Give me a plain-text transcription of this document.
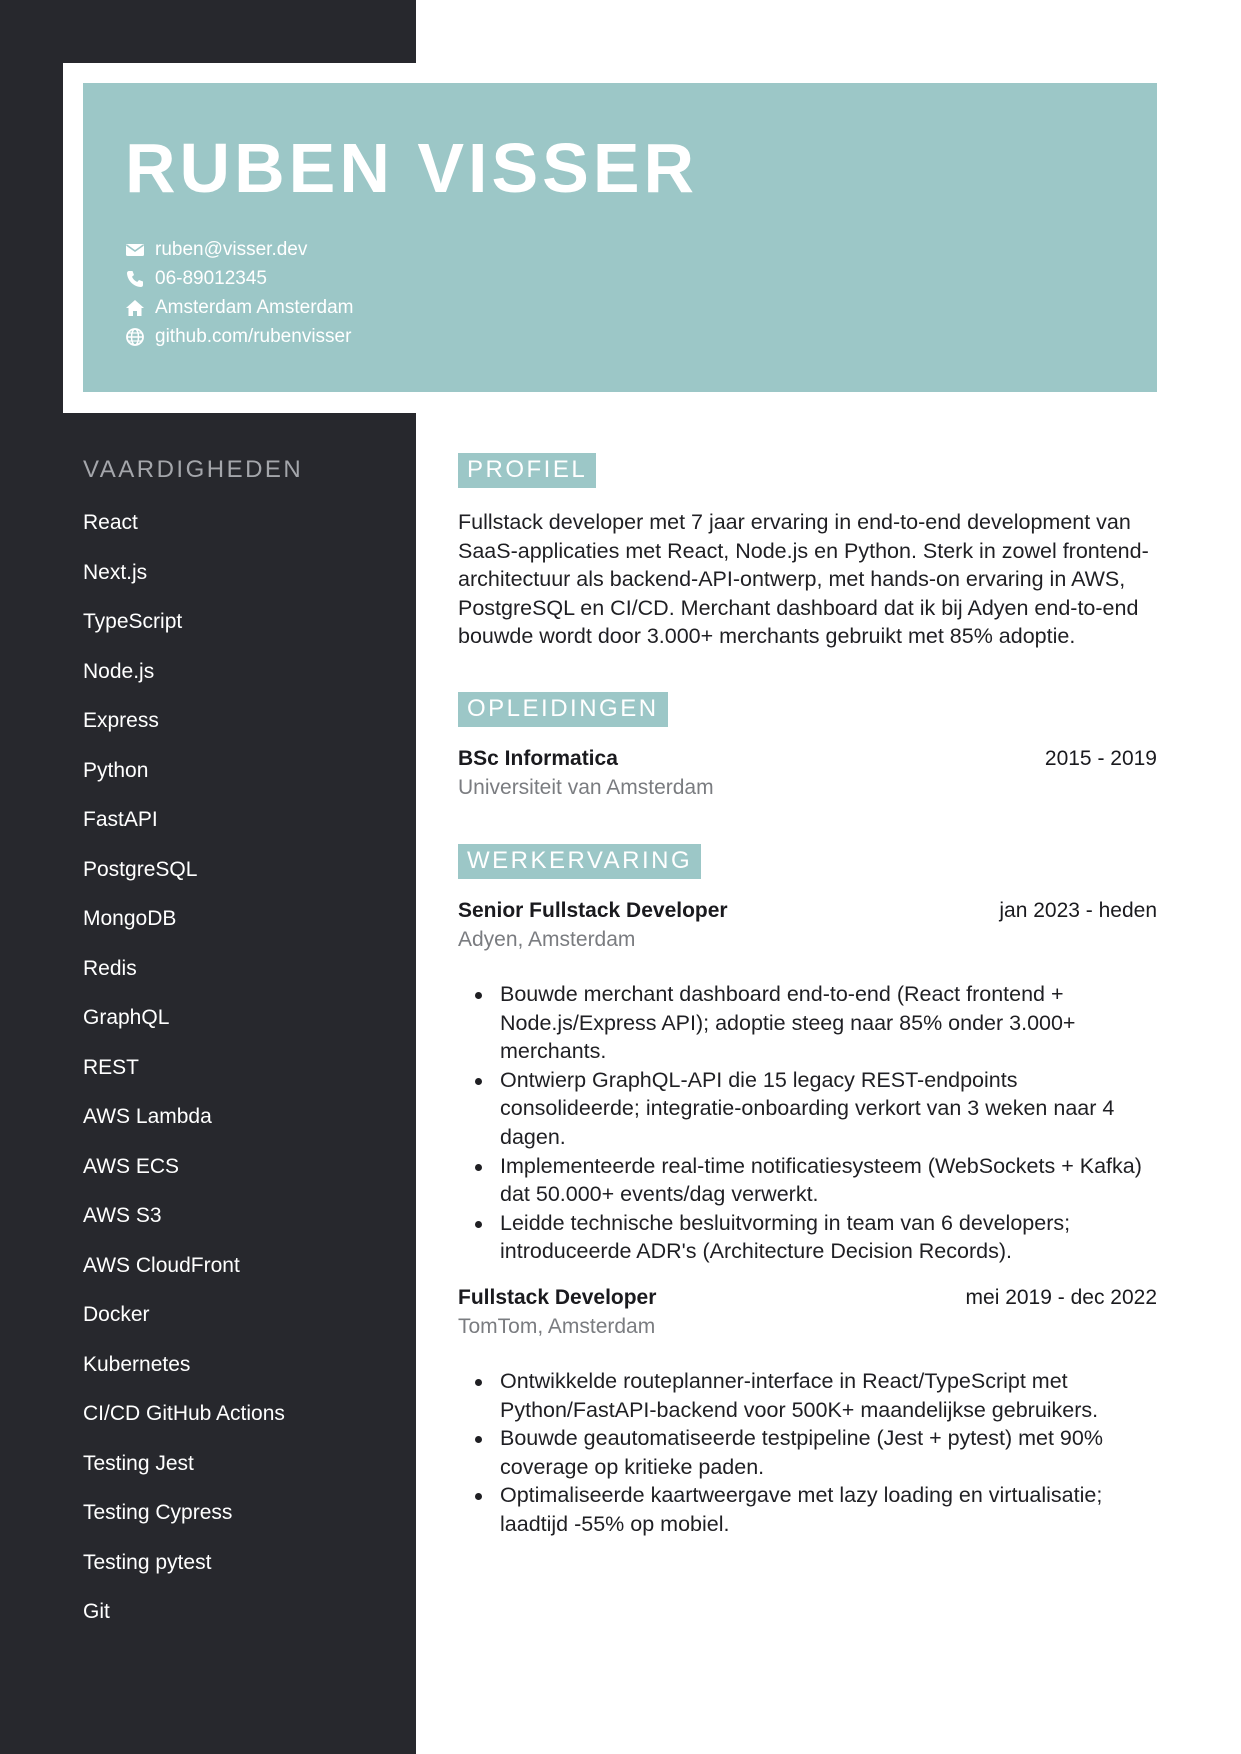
RUBEN VISSER
ruben@visser.dev
06-89012345
Amsterdam Amsterdam
github.com/rubenvisser
VAARDIGHEDEN
React
Next.js
TypeScript
Node.js
Express
Python
FastAPI
PostgreSQL
MongoDB
Redis
GraphQL
REST
AWS Lambda
AWS ECS
AWS S3
AWS CloudFront
Docker
Kubernetes
CI/CD GitHub Actions
Testing Jest
Testing Cypress
Testing pytest
Git
PROFIEL

Fullstack developer met 7 jaar ervaring in end-to-end development van SaaS-applicaties met React, Node.js en Python. Sterk in zowel frontend-architectuur als backend-API-ontwerp, met hands-on ervaring in AWS, PostgreSQL en CI/CD. Merchant dashboard dat ik bij Adyen end-to-end bouwde wordt door 3.000+ merchants gebruikt met 85% adoptie.

OPLEIDINGEN
BSc Informatica	2015 - 2019
Universiteit van Amsterdam
WERKERVARING
Senior Fullstack Developer	jan 2023 - heden
Adyen, Amsterdam
Bouwde merchant dashboard end-to-end (React frontend + Node.js/Express API); adoptie steeg naar 85% onder 3.000+ merchants.
Ontwierp GraphQL-API die 15 legacy REST-endpoints consolideerde; integratie-onboarding verkort van 3 weken naar 4 dagen.
Implementeerde real-time notificatiesysteem (WebSockets + Kafka) dat 50.000+ events/dag verwerkt.
Leidde technische besluitvorming in team van 6 developers; introduceerde ADR's (Architecture Decision Records).
Fullstack Developer	mei 2019 - dec 2022
TomTom, Amsterdam
Ontwikkelde routeplanner-interface in React/TypeScript met Python/FastAPI-backend voor 500K+ maandelijkse gebruikers.
Bouwde geautomatiseerde testpipeline (Jest + pytest) met 90% coverage op kritieke paden.
Optimaliseerde kaartweergave met lazy loading en virtualisatie; laadtijd -55% op mobiel.
